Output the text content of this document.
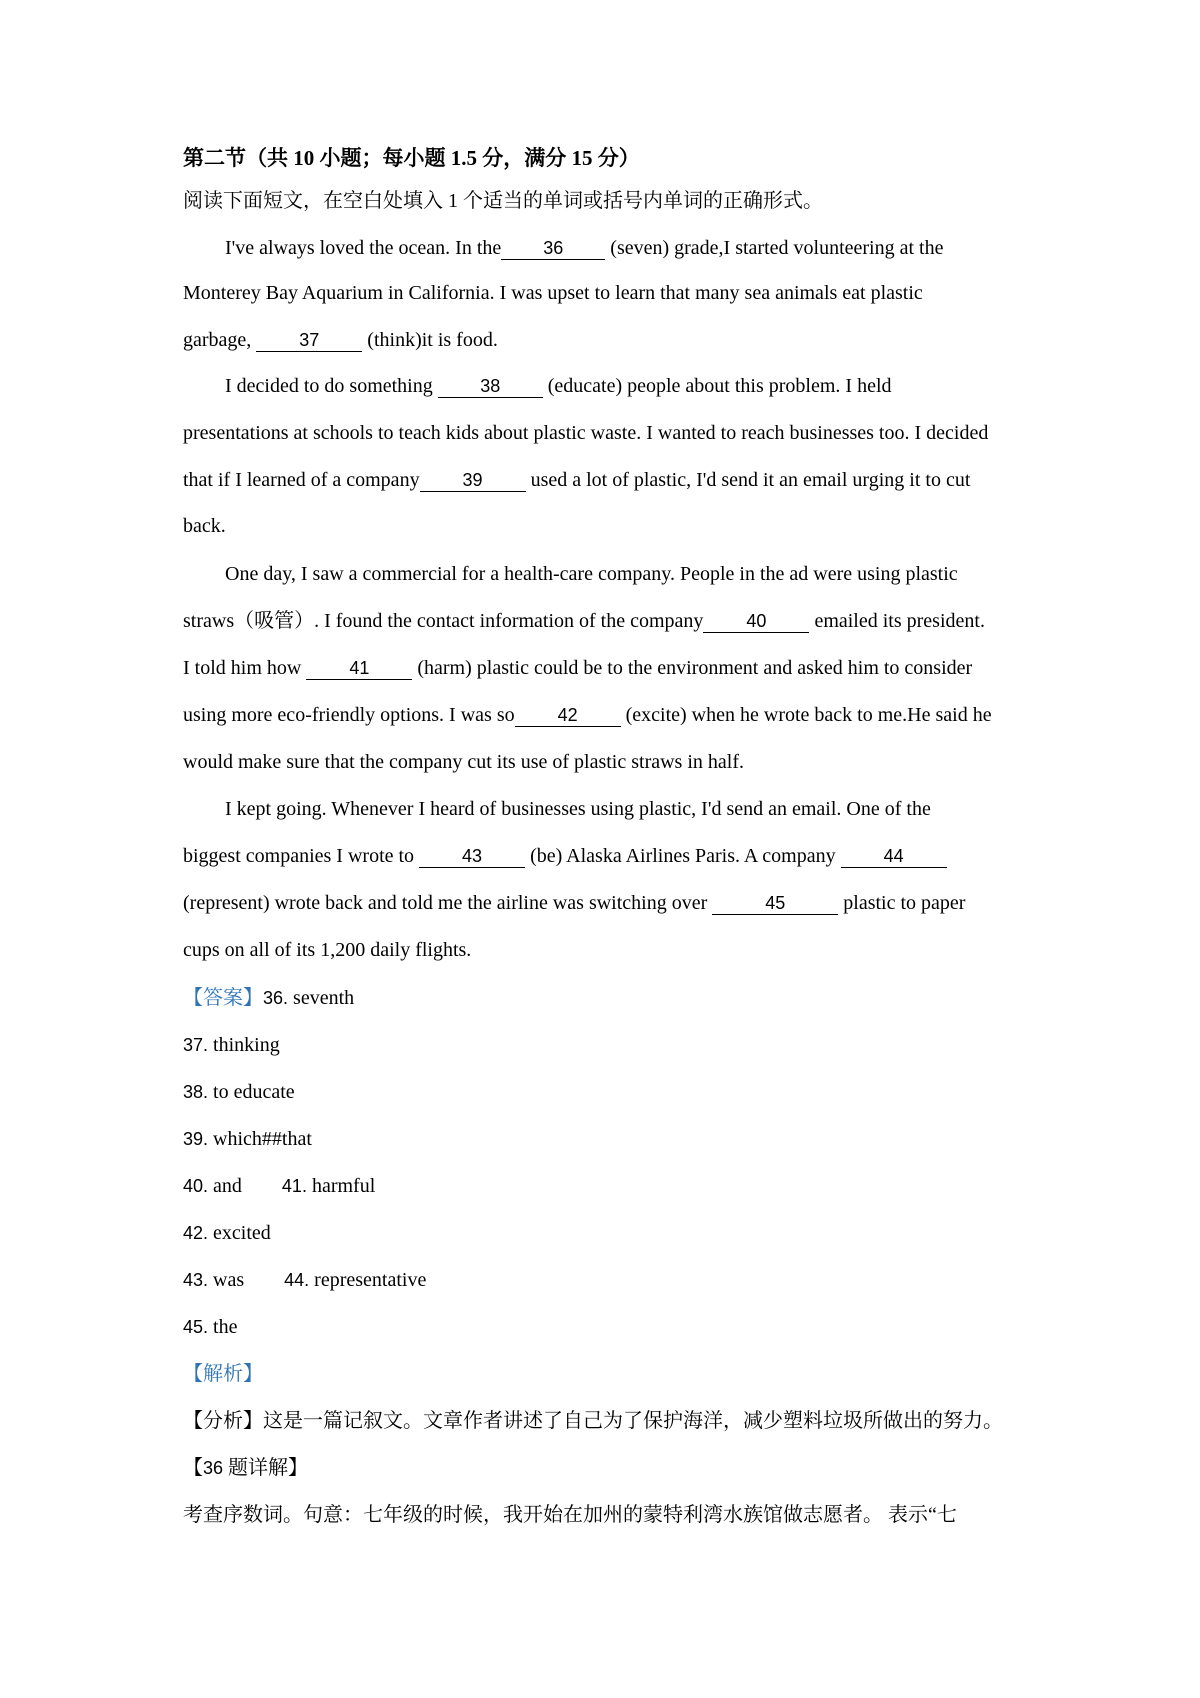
第二节（共 10 小题；每小题 1.5 分，满分 15 分）
阅读下面短文，在空白处填入 1 个适当的单词或括号内单词的正确形式。
I've always loved the ocean. In the 36 (seven) grade,I started volunteering at the
Monterey Bay Aquarium in California. I was upset to learn that many sea animals eat plastic
garbage, 37 (think)it is food.
I decided to do something 38 (educate) people about this problem. I held
presentations at schools to teach kids about plastic waste. I wanted to reach businesses too. I decided
that if I learned of a company 39 used a lot of plastic, I'd send it an email urging it to cut
back.
One day, I saw a commercial for a health-care company. People in the ad were using plastic
straws（吸管）. I found the contact information of the company 40 emailed its president.
I told him how 41 (harm) plastic could be to the environment and asked him to consider
using more eco-friendly options. I was so 42 (excite) when he wrote back to me.He said he
would make sure that the company cut its use of plastic straws in half.
I kept going. Whenever I heard of businesses using plastic, I'd send an email. One of the
biggest companies I wrote to 43 (be) Alaska Airlines Paris. A company 44
(represent) wrote back and told me the airline was switching over	45	plastic to paper
cups on all of its 1,200 daily flights.
【答案】36. seventh
37. thinking
38. to educate
39. which##that
40. and 41. harmful
42. excited
43. was 44. representative
45. the
【解析】
【分析】这是一篇记叙文。文章作者讲述了自己为了保护海洋，减少塑料垃圾所做出的努力。
【36 题详解】
考查序数词。句意：七年级的时候，我开始在加州的蒙特利湾水族馆做志愿者。 表示“七
